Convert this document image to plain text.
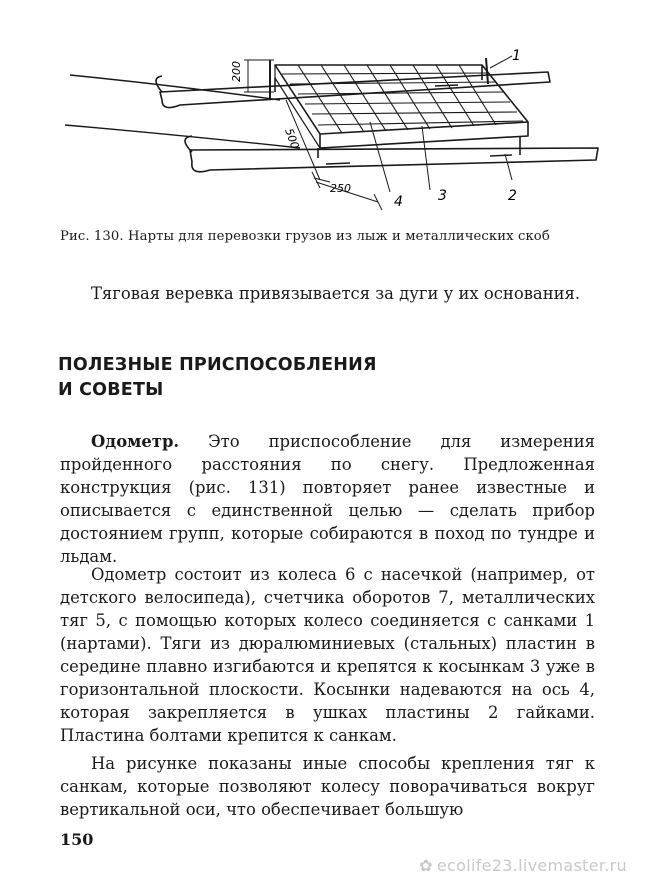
200
500
250
1
2
3
4
Рис. 130. Нарты для перевозки грузов из лыж и металлических скоб

Тяговая веревка привязывается за дуги у их основания.

ПОЛЕЗНЫЕ ПРИСПОСОБЛЕНИЯ
И СОВЕТЫ

Одометр. Это приспособление для измерения пройденного расстояния по снегу. Предложенная конструкция (рис. 131) повторяет ранее известные и описывается с единственной целью — сделать прибор достоянием групп, которые собираются в поход по тундре и льдам.

Одометр состоит из колеса 6 с насечкой (например, от детского велосипеда), счетчика оборотов 7, металлических тяг 5, с помощью которых колесо соединяется с санками 1 (нартами). Тяги из дюралюминиевых (стальных) пластин в середине плавно изгибаются и крепятся к косынкам 3 уже в горизонтальной плоскости. Косынки надеваются на ось 4, которая закрепляется в ушках пластины 2 гайками. Пластина болтами крепится к санкам.

На рисунке показаны иные способы крепления тяг к санкам, которые позволяют колесу поворачиваться вокруг вертикальной оси, что обеспечивает большую

150
✿ ecolife23.livemaster.ru
